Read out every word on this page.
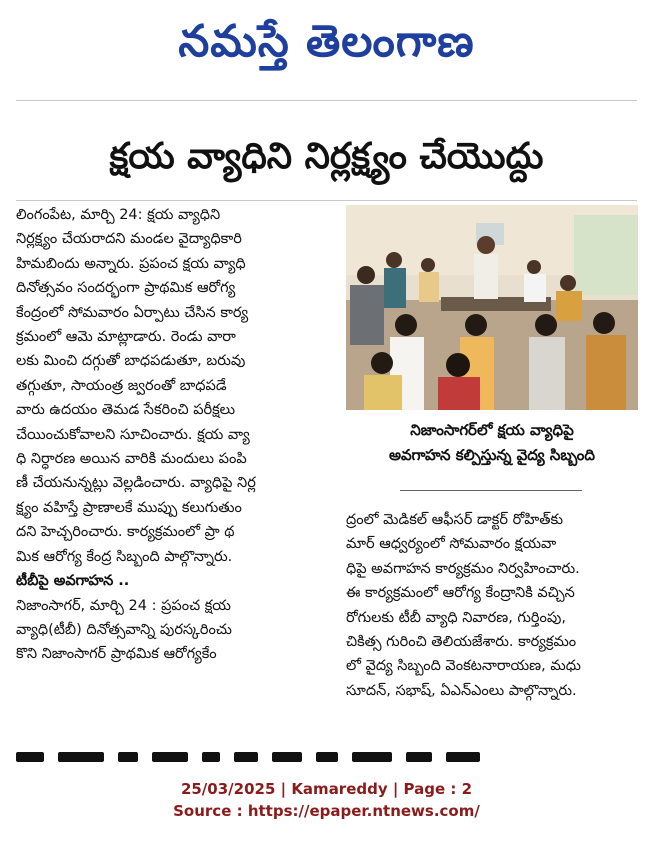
నమస్తే తెలంగాణ
క్షయ వ్యాధిని నిర్లక్ష్యం చేయొద్దు
లింగంపేట, మార్చి 24: క్షయ వ్యాధిని
నిర్లక్ష్యం చేయరాదని మండల వైద్యాధికారి
హిమబిందు అన్నారు. ప్రపంచ క్షయ వ్యాధి
దినోత్సవం సందర్భంగా ప్రాథమిక ఆరోగ్య
కేంద్రంలో సోమవారం ఏర్పాటు చేసిన కార్య
క్రమంలో ఆమె మాట్లాడారు. రెండు వారా
లకు మించి దగ్గుతో బాధపడుతూ, బరువు
తగ్గుతూ, సాయంత్ర జ్వరంతో బాధపడే
వారు ఉదయం తెమడ సేకరించి పరీక్షలు
చేయించుకోవాలని సూచించారు. క్షయ వ్యా
ధి నిర్ధారణ అయిన వారికి మందులు పంపి
ణీ చేయనున్నట్లు వెల్లడించారు. వ్యాధిపై నిర్ల
క్ష్యం వహిస్తే ప్రాణాలకే ముప్పు కలుగుతుం
దని హెచ్చరించారు. కార్యక్రమంలో ప్రా థ
మిక ఆరోగ్య కేంద్ర సిబ్బంది పాల్గొన్నారు.
టీబీపై అవగాహన ..
నిజాంసాగర్, మార్చి 24 : ప్రపంచ క్షయ
వ్యాధి(టీబీ) దినోత్సవాన్ని పురస్కరించు
కొని నిజాంసాగర్ ప్రాథమిక ఆరోగ్యకేం
నిజాంసాగర్‌లో క్షయ వ్యాధిపై
అవగాహన కల్పిస్తున్న వైద్య సిబ్బంది
ద్రంలో మెడికల్ ఆఫీసర్ డాక్టర్ రోహిత్‌కు
మార్ ఆధ్వర్యంలో సోమవారం క్షయవా
ధిపై అవగాహన కార్యక్రమం నిర్వహించారు.
ఈ కార్యక్రమంలో ఆరోగ్య కేంద్రానికి వచ్చిన
రోగులకు టీబీ వ్యాధి నివారణ, గుర్తింపు,
చికిత్స గురించి తెలియజేశారు. కార్యక్రమం
లో వైద్య సిబ్బంది వెంకటనారాయణ, మధు
సూదన్, సభాష్, ఏఎన్‌ఎంలు పాల్గొన్నారు.
25/03/2025 | Kamareddy | Page : 2
Source : https://epaper.ntnews.com/
